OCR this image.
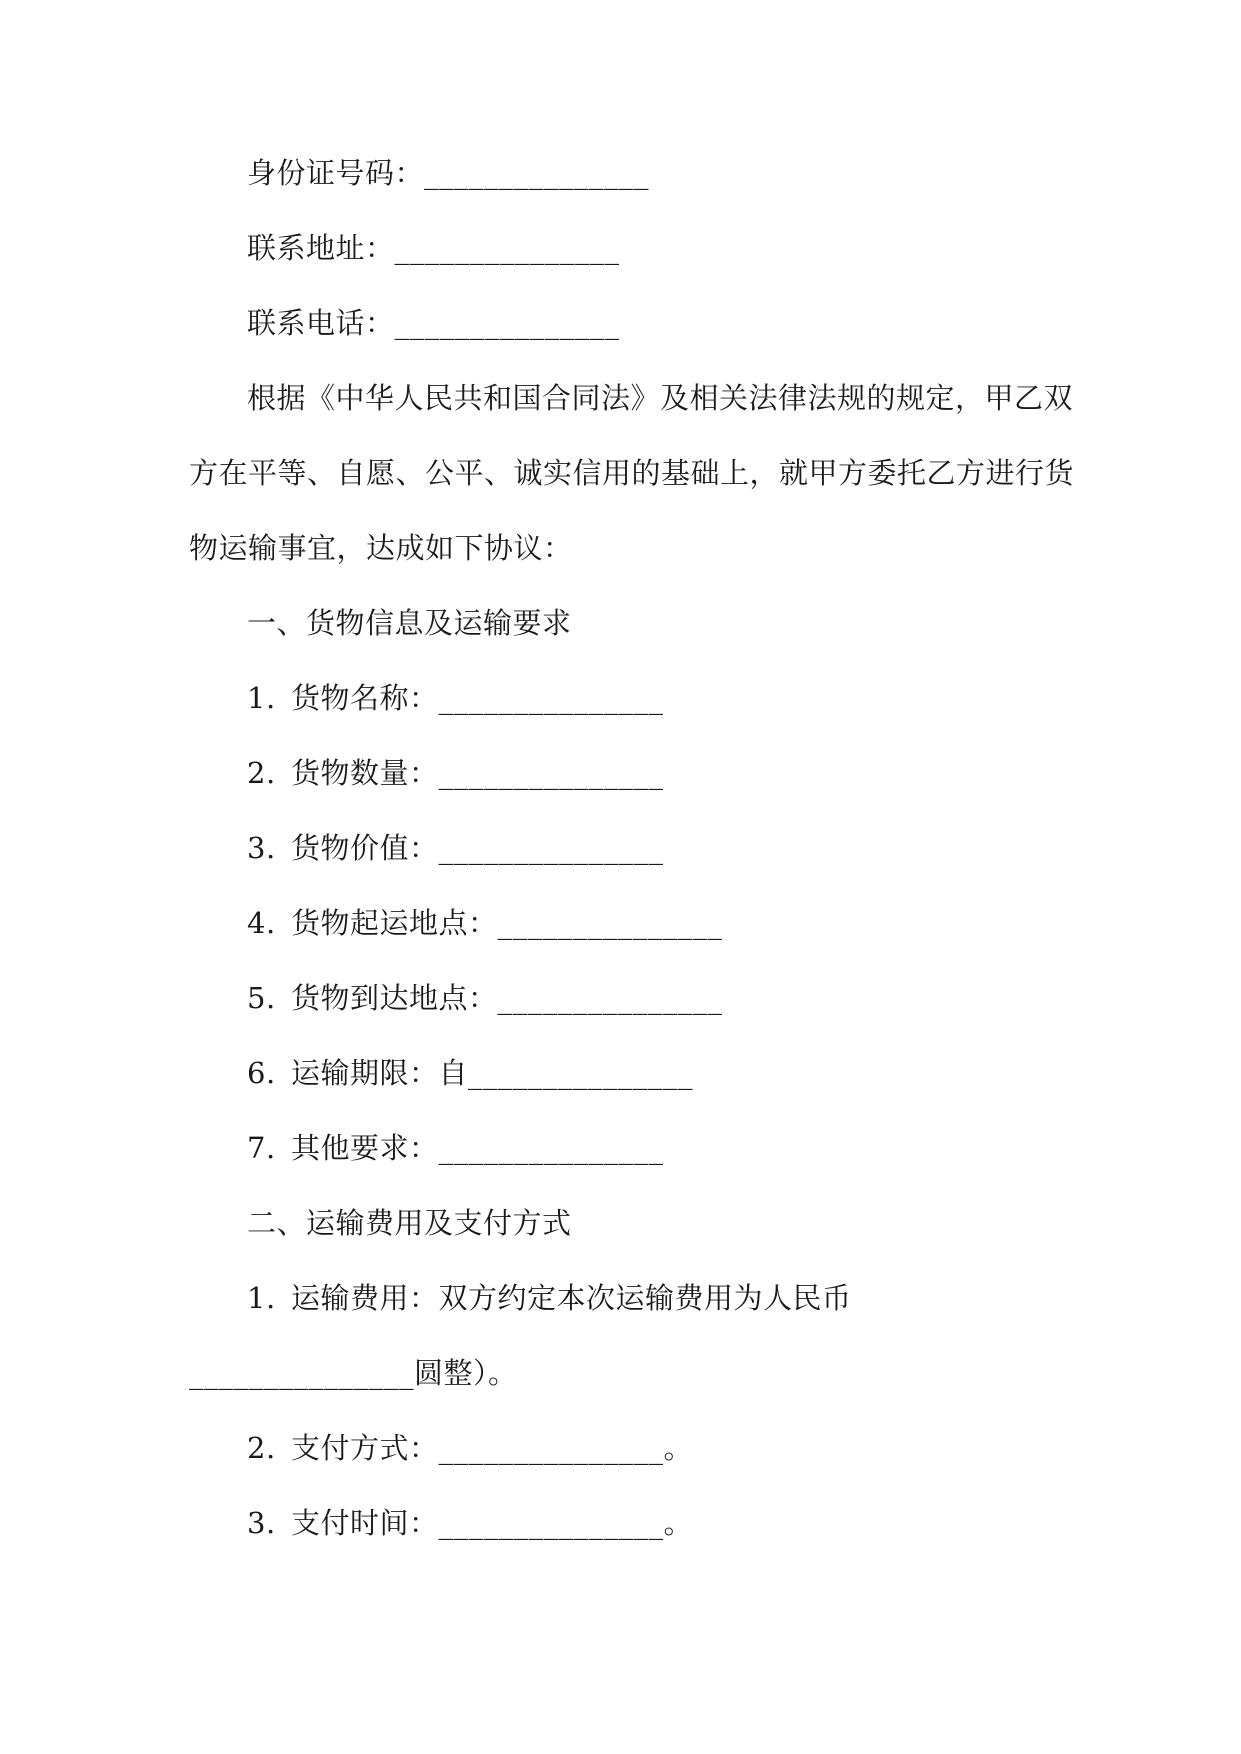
身份证号码：_______________
联系地址：_______________
联系电话：_______________
根据《中华人民共和国合同法》及相关法律法规的规定，甲乙双
方在平等、自愿、公平、诚实信用的基础上，就甲方委托乙方进行货
物运输事宜，达成如下协议：
一、货物信息及运输要求
1. 货物名称：_______________
2. 货物数量：_______________
3. 货物价值：_______________
4. 货物起运地点：_______________
5. 货物到达地点：_______________
6. 运输期限：自_______________
7. 其他要求：_______________
二、运输费用及支付方式
1. 运输费用：双方约定本次运输费用为人民币
_______________圆整）。
2. 支付方式：_______________。
3. 支付时间：_______________。
